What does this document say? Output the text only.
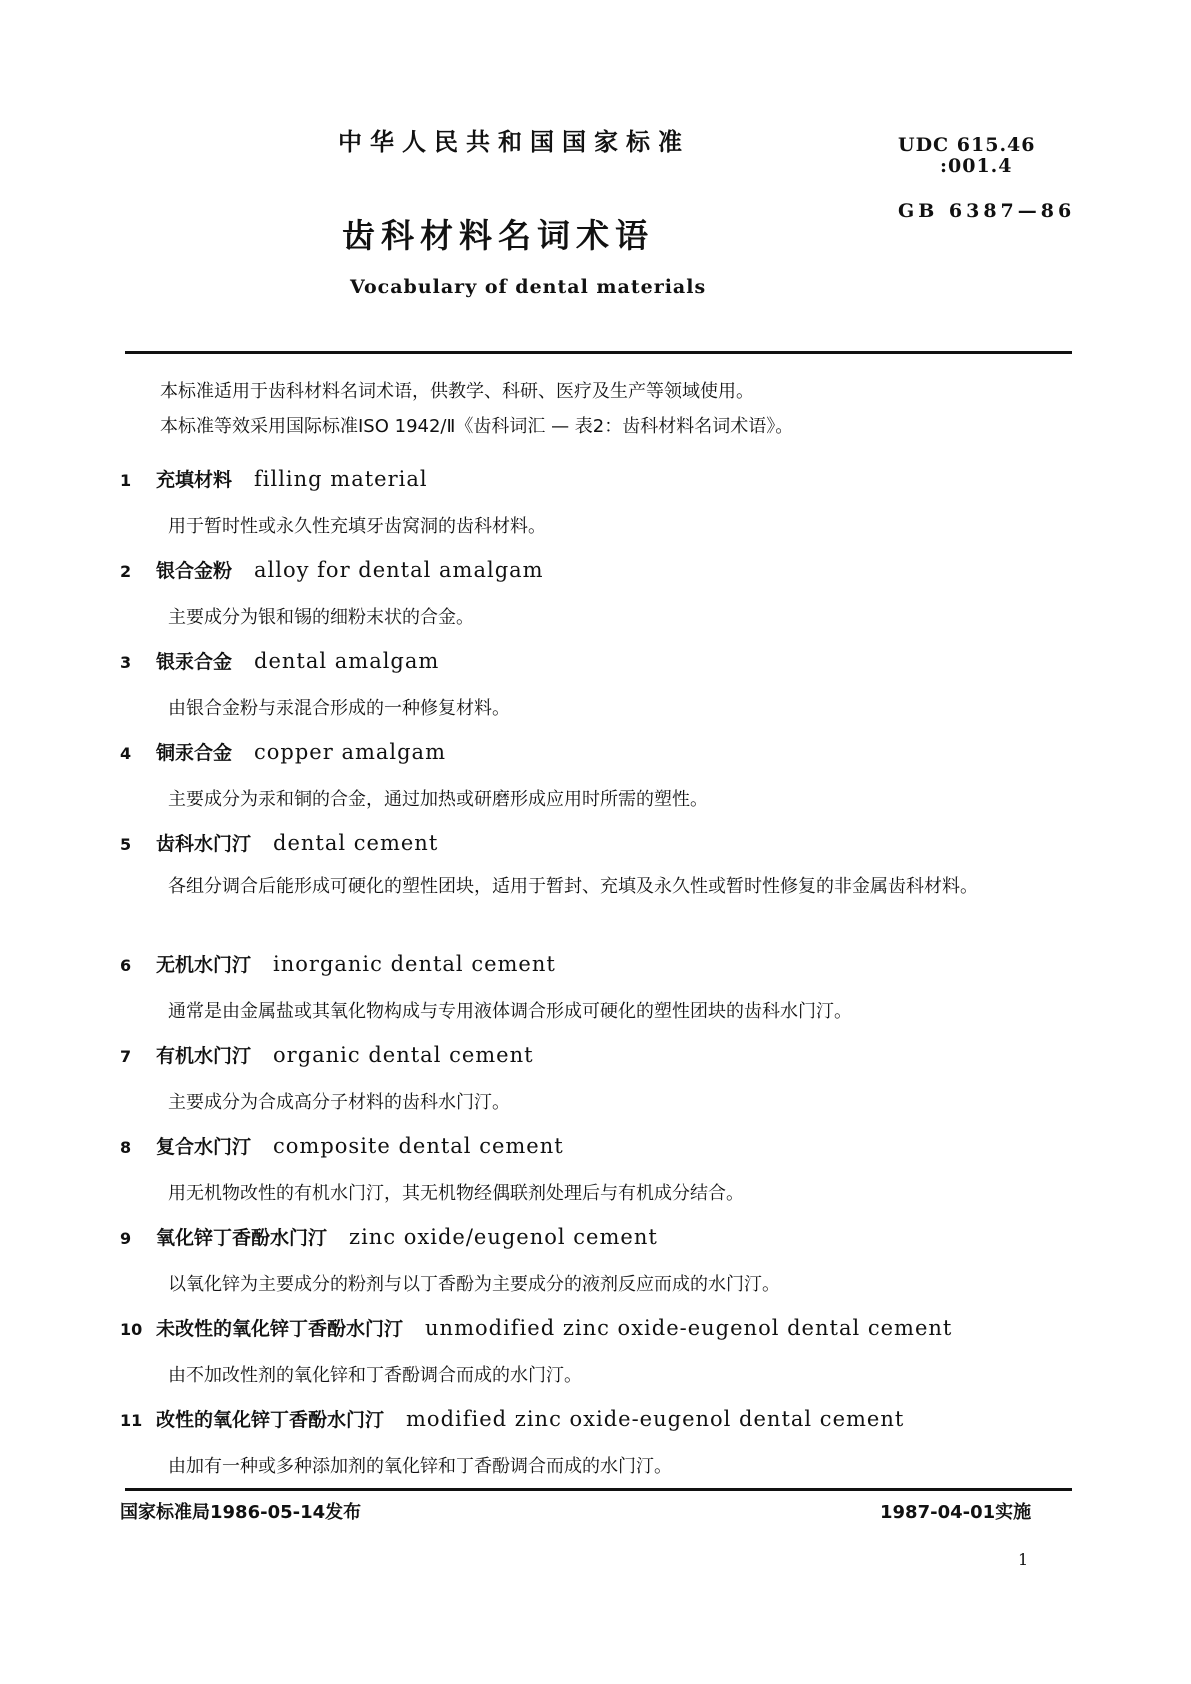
中华人民共和国国家标准	UDC 615.46
:001.4
GB 6387—86
齿科材料名词术语
Vocabulary of dental materials
本标准适用于齿科材料名词术语，供教学、科研、医疗及生产等领域使用。
本标准等效采用国际标准ISO 1942/Ⅱ《齿科词汇 — 表2：齿科材料名词术语》。
1 充填材料 filling material
用于暂时性或永久性充填牙齿窝洞的齿科材料。
2 银合金粉 alloy for dental amalgam
主要成分为银和锡的细粉末状的合金。
3 银汞合金 dental amalgam
由银合金粉与汞混合形成的一种修复材料。
4 铜汞合金 copper amalgam
主要成分为汞和铜的合金，通过加热或研磨形成应用时所需的塑性。
5 齿科水门汀 dental cement
各组分调合后能形成可硬化的塑性团块，适用于暂封、充填及永久性或暂时性修复的非金属齿科材料。
6 无机水门汀 inorganic dental cement
通常是由金属盐或其氧化物构成与专用液体调合形成可硬化的塑性团块的齿科水门汀。
7 有机水门汀 organic dental cement
主要成分为合成高分子材料的齿科水门汀。
8 复合水门汀 composite dental cement
用无机物改性的有机水门汀，其无机物经偶联剂处理后与有机成分结合。
9 氧化锌丁香酚水门汀 zinc oxide/eugenol cement
以氧化锌为主要成分的粉剂与以丁香酚为主要成分的液剂反应而成的水门汀。
10 未改性的氧化锌丁香酚水门汀 unmodified zinc oxide-eugenol dental cement
由不加改性剂的氧化锌和丁香酚调合而成的水门汀。
11 改性的氧化锌丁香酚水门汀 modified zinc oxide-eugenol dental cement
由加有一种或多种添加剂的氧化锌和丁香酚调合而成的水门汀。
国家标准局1986-05-14发布	1987-04-01实施
1
